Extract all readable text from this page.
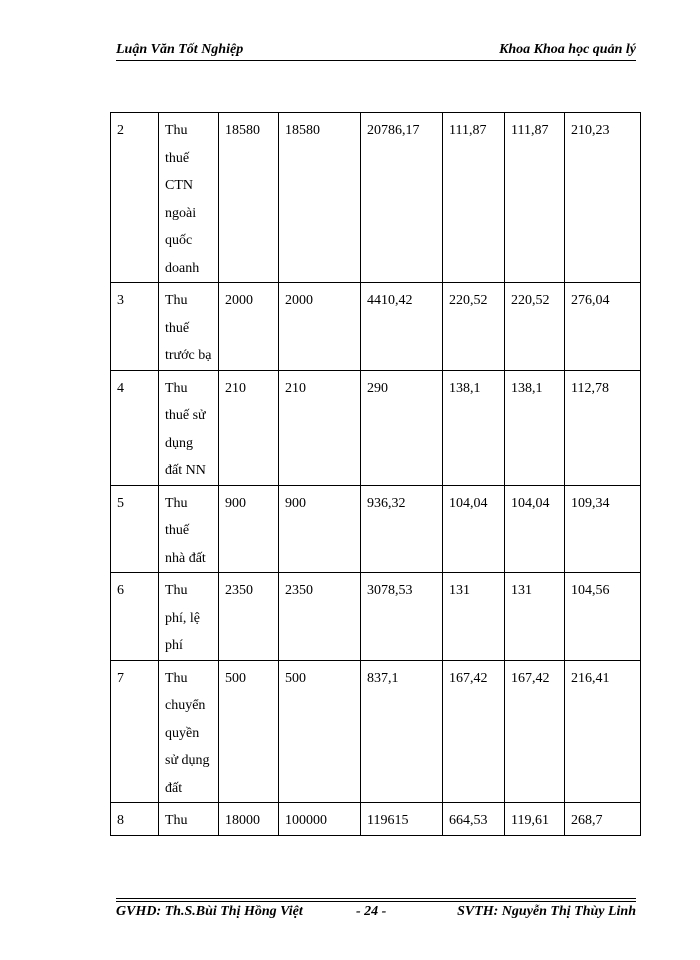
Luận Văn Tốt Nghiệp	Khoa Khoa học quản lý
2	Thu thuế CTN ngoài quốc doanh	18580	18580	20786,17	111,87	111,87	210,23
3	Thu thuế trước bạ	2000	2000	4410,42	220,52	220,52	276,04
4	Thu thuế sử dụng đất NN	210	210	290	138,1	138,1	112,78
5	Thu thuế nhà đất	900	900	936,32	104,04	104,04	109,34
6	Thu phí, lệ phí	2350	2350	3078,53	131	131	104,56
7	Thu chuyển quyền sử dụng đất	500	500	837,1	167,42	167,42	216,41
8	Thu	18000	100000	119615	664,53	119,61	268,7
GVHD: Th.S.Bùi Thị Hồng Việt	- 24 -	SVTH: Nguyễn Thị Thùy Linh
